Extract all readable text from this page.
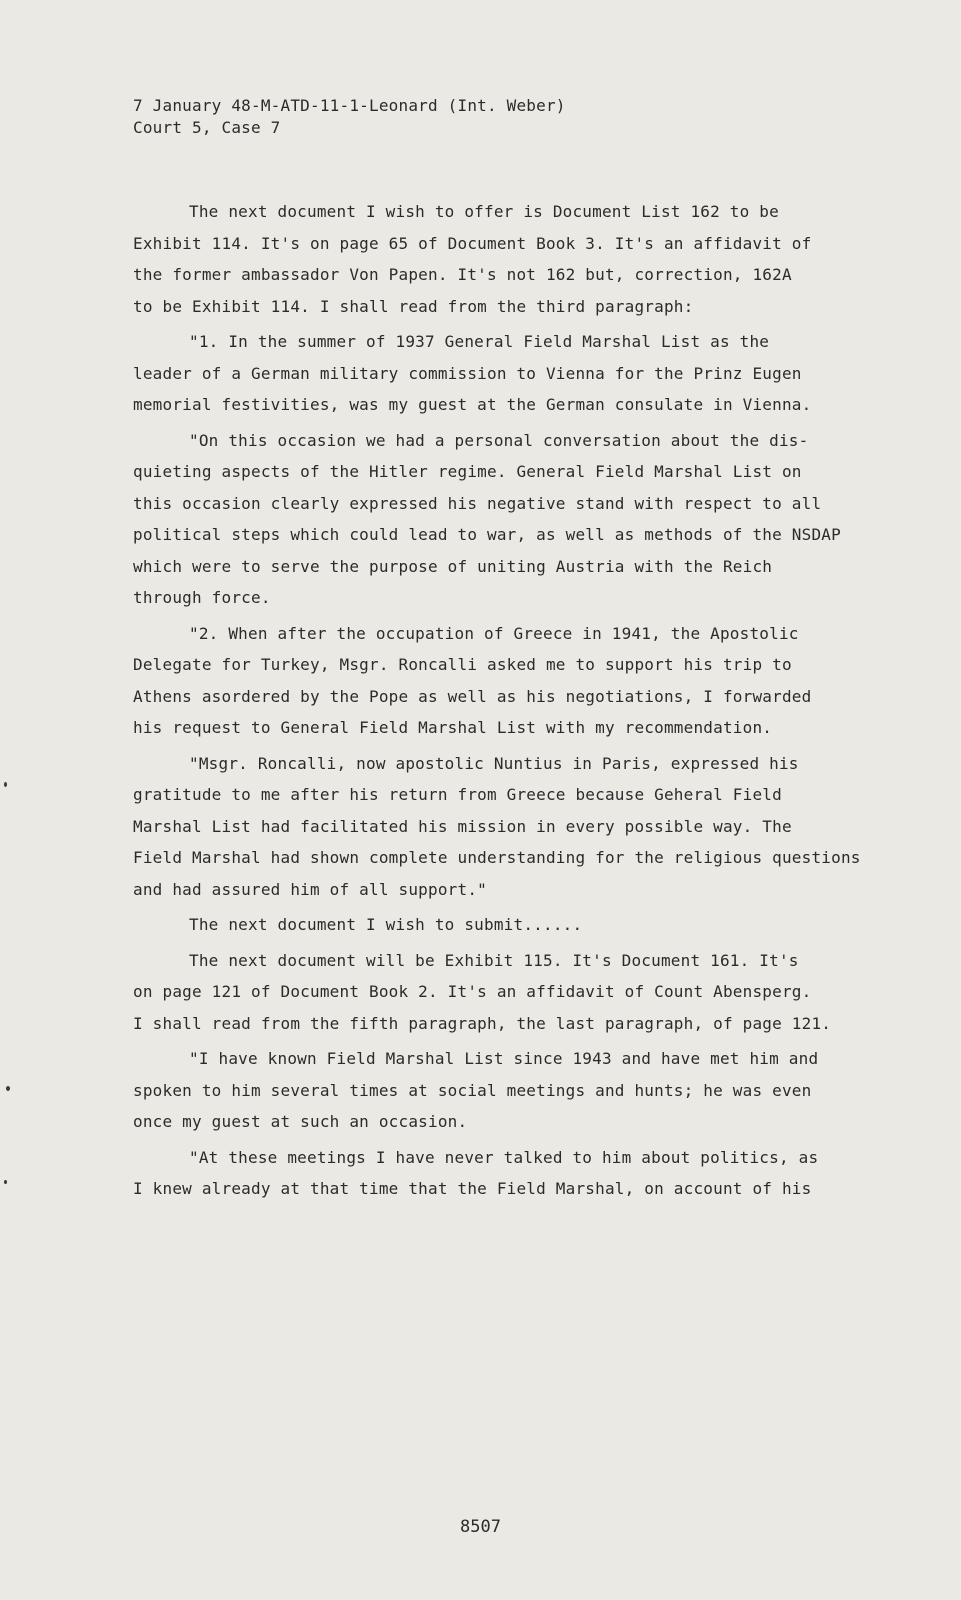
7 January 48-M-ATD-11-1-Leonard (Int. Weber)
Court 5, Case 7
The next document I wish to offer is Document List 162 to be
Exhibit 114. It's on page 65 of Document Book 3. It's an affidavit of
the former ambassador Von Papen. It's not 162 but, correction, 162A
to be Exhibit 114. I shall read from the third paragraph:
"1. In the summer of 1937 General Field Marshal List as the
leader of a German military commission to Vienna for the Prinz Eugen
memorial festivities, was my guest at the German consulate in Vienna.
"On this occasion we had a personal conversation about the dis-
quieting aspects of the Hitler regime. General Field Marshal List on
this occasion clearly expressed his negative stand with respect to all
political steps which could lead to war, as well as methods of the NSDAP
which were to serve the purpose of uniting Austria with the Reich
through force.
"2. When after the occupation of Greece in 1941, the Apostolic
Delegate for Turkey, Msgr. Roncalli asked me to support his trip to
Athens asordered by the Pope as well as his negotiations, I forwarded
his request to General Field Marshal List with my recommendation.
"Msgr. Roncalli, now apostolic Nuntius in Paris, expressed his
gratitude to me after his return from Greece because Geheral Field
Marshal List had facilitated his mission in every possible way. The
Field Marshal had shown complete understanding for the religious questions
and had assured him of all support."
The next document I wish to submit......
The next document will be Exhibit 115. It's Document 161. It's
on page 121 of Document Book 2. It's an affidavit of Count Abensperg.
I shall read from the fifth paragraph, the last paragraph, of page 121.
"I have known Field Marshal List since 1943 and have met him and
spoken to him several times at social meetings and hunts; he was even
once my guest at such an occasion.
"At these meetings I have never talked to him about politics, as
I knew already at that time that the Field Marshal, on account of his
8507
